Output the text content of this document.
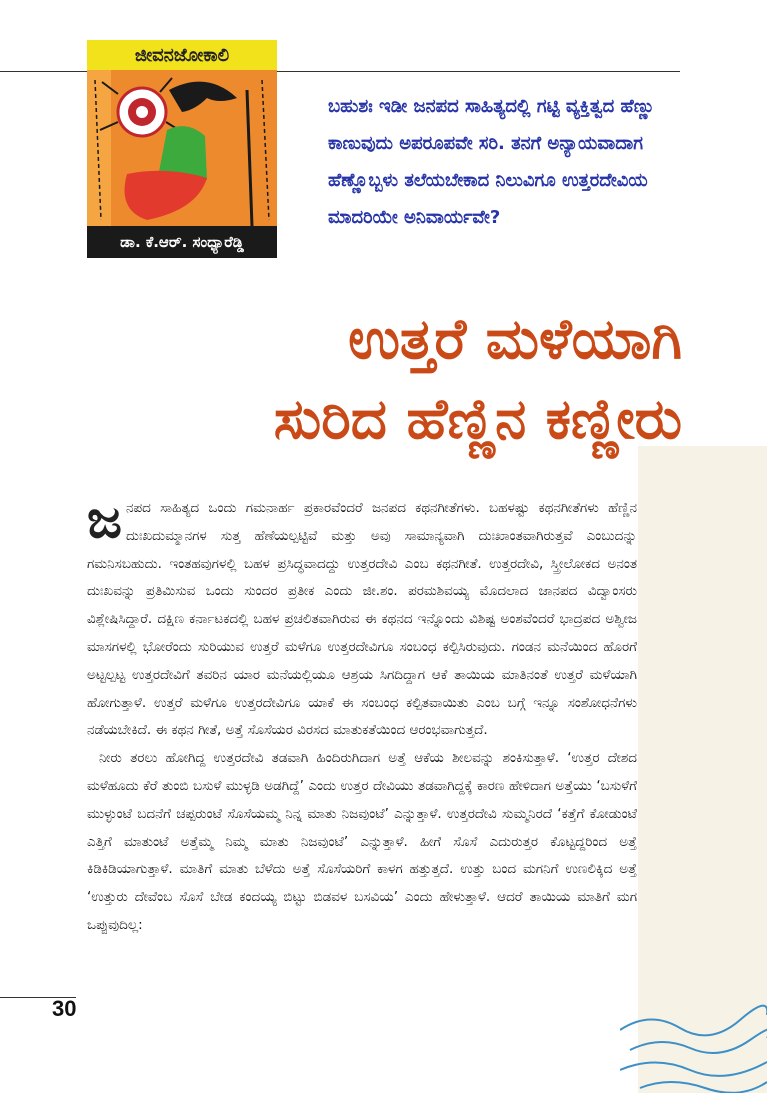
ಜೀವನಜೋಕಾಲಿ
ಡಾ. ಕೆ.ಆರ್. ಸಂಧ್ಯಾರೆಡ್ಡಿ
ಬಹುಶಃ ಇಡೀ ಜನಪದ ಸಾಹಿತ್ಯದಲ್ಲಿ ಗಟ್ಟಿ ವ್ಯಕ್ತಿತ್ವದ ಹೆಣ್ಣು ಕಾಣುವುದು ಅಪರೂಪವೇ ಸರಿ. ತನಗೆ ಅನ್ಯಾಯವಾದಾಗ ಹೆಣ್ಣೊಬ್ಬಳು ತಲೆಯಬೇಕಾದ ನಿಲುವಿಗೂ ಉತ್ತರದೇವಿಯ ಮಾದರಿಯೇ ಅನಿವಾರ್ಯವೇ?
ಉತ್ತರೆ ಮಳೆಯಾಗಿ
ಸುರಿದ ಹೆಣ್ಣಿನ ಕಣ್ಣೀರು
ಜ ನಪದ ಸಾಹಿತ್ಯದ ಒಂದು ಗಮನಾರ್ಹ ಪ್ರಕಾರವೆಂದರೆ ಜನಪದ ಕಥನಗೀತೆಗಳು. ಬಹಳಷ್ಟು ಕಥನಗೀತೆಗಳು ಹೆಣ್ಣಿನ ದುಃಖದುಮ್ಮಾನಗಳ ಸುತ್ತ ಹೆಣೆಯಲ್ಪಟ್ಟಿವೆ ಮತ್ತು ಅವು ಸಾಮಾನ್ಯವಾಗಿ ದುಃಖಾಂತವಾಗಿರುತ್ತವೆ ಎಂಬುದನ್ನು ಗಮನಿಸಬಹುದು. ಇಂತಹವುಗಳಲ್ಲಿ ಬಹಳ ಪ್ರಸಿದ್ಧವಾದದ್ದು ಉತ್ತರದೇವಿ ಎಂಬ ಕಥನಗೀತೆ. ಉತ್ತರದೇವಿ, ಸ್ತ್ರೀಲೋಕದ ಅನಂತ ದುಃಖವನ್ನು ಪ್ರತಿಮಿಸುವ ಒಂದು ಸುಂದರ ಪ್ರತೀಕ ಎಂದು ಜೀ.ಶಂ. ಪರಮಶಿವಯ್ಯ ಮೊದಲಾದ ಜಾನಪದ ವಿದ್ವಾಂಸರು ವಿಶ್ಲೇಷಿಸಿದ್ದಾರೆ. ದಕ್ಷಿಣ ಕರ್ನಾಟಕದಲ್ಲಿ ಬಹಳ ಪ್ರಚಲಿತವಾಗಿರುವ ಈ ಕಥನದ ಇನ್ನೊಂದು ವಿಶಿಷ್ಟ ಅಂಶವೆಂದರೆ ಭಾದ್ರಪದ ಅಶ್ವೀಜ ಮಾಸಗಳಲ್ಲಿ ಭೋರೆಂದು ಸುರಿಯುವ ಉತ್ತರೆ ಮಳೆಗೂ ಉತ್ತರದೇವಿಗೂ ಸಂಬಂಧ ಕಲ್ಪಿಸಿರುವುದು. ಗಂಡನ ಮನೆಯಿಂದ ಹೊರಗೆ ಅಟ್ಟಲ್ಪಟ್ಟ ಉತ್ತರದೇವಿಗೆ ತವರಿನ ಯಾರ ಮನೆಯಲ್ಲಿಯೂ ಆಶ್ರಯ ಸಿಗದಿದ್ದಾಗ ಆಕೆ ತಾಯಿಯ ಮಾತಿನಂತೆ ಉತ್ತರೆ ಮಳೆಯಾಗಿ ಹೋಗುತ್ತಾಳೆ. ಉತ್ತರೆ ಮಳೆಗೂ ಉತ್ತರದೇವಿಗೂ ಯಾಕೆ ಈ ಸಂಬಂಧ ಕಲ್ಪಿತವಾಯಿತು ಎಂಬ ಬಗ್ಗೆ ಇನ್ನೂ ಸಂಶೋಧನೆಗಳು ನಡೆಯಬೇಕಿದೆ. ಈ ಕಥನ ಗೀತೆ, ಅತ್ತೆ ಸೊಸೆಯರ ವಿರಸದ ಮಾತುಕತೆಯಿಂದ ಆರಂಭವಾಗುತ್ತದೆ.

ನೀರು ತರಲು ಹೋಗಿದ್ದ ಉತ್ತರದೇವಿ ತಡವಾಗಿ ಹಿಂದಿರುಗಿದಾಗ ಅತ್ತೆ ಆಕೆಯ ಶೀಲವನ್ನು ಶಂಕಿಸುತ್ತಾಳೆ. ‘ಉತ್ತರ ದೇಶದ ಮಳೆಹೂದು ಕೆರೆ ತುಂಬಿ ಬಸುಳೆ ಮುಳ್ಳಡಿ ಅಡಗಿದ್ದೆ’ ಎಂದು ಉತ್ತರ ದೇವಿಯು ತಡವಾಗಿದ್ದಕ್ಕೆ ಕಾರಣ ಹೇಳಿದಾಗ ಅತ್ತೆಯು ‘ಬಸುಳೆಗೆ ಮುಳ್ಳುಂಟೆ ಬದನೆಗೆ ಚಪ್ಪರುಂಟೆ ಸೊಸೆಯಮ್ಮ ನಿನ್ನ ಮಾತು ನಿಜವುಂಟೆ’ ಎನ್ನುತ್ತಾಳೆ. ಉತ್ತರದೇವಿ ಸುಮ್ಮನಿರದೆ ‘ಕತ್ತೆಗೆ ಕೋಡುಂಟೆ ಎತ್ತಿಗೆ ಮಾತುಂಟೆ ಅತ್ತೆಮ್ಮ ನಿಮ್ಮ ಮಾತು ನಿಜವುಂಟೆ’ ಎನ್ನುತ್ತಾಳೆ. ಹೀಗೆ ಸೊಸೆ ಎದುರುತ್ತರ ಕೊಟ್ಟದ್ದರಿಂದ ಅತ್ತೆ ಕಿಡಿಕಿಡಿಯಾಗುತ್ತಾಳೆ. ಮಾತಿಗೆ ಮಾತು ಬೆಳೆದು ಅತ್ತೆ ಸೊಸೆಯರಿಗೆ ಕಾಳಗ ಹತ್ತುತ್ತದೆ. ಉತ್ತು ಬಂದ ಮಗನಿಗೆ ಉಣಲಿಕ್ಕಿದ ಅತ್ತೆ ‘ಉತ್ತುರು ದೇವೆಂಬ ಸೊಸೆ ಬೇಡ ಕಂದಯ್ಯ ಬಿಟ್ಟು ಬಿಡವಳ ಬಸವಿಯ’ ಎಂದು ಹೇಳುತ್ತಾಳೆ. ಆದರೆ ತಾಯಿಯ ಮಾತಿಗೆ ಮಗ ಒಪ್ಪುವುದಿಲ್ಲ:

30
